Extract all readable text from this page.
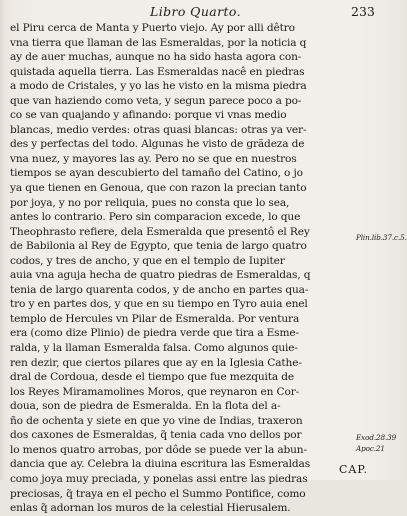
Libro Quarto.	233
el Piru cerca de Manta y Puerto viejo. Ay por alli dêtro
vna tierra que llaman de las Esmeraldas, por la noticia q
ay de auer muchas, aunque no ha sido hasta agora con-
quistada aquella tierra. Las Esmeraldas nacê en piedras
a modo de Cristales, y yo las he visto en la misma piedra
que van haziendo como veta, y segun parece poco a po-
co se van quajando y afinando: porque vi vnas medio
blancas, medio verdes: otras quasi blancas: otras ya ver-
des y perfectas del todo. Algunas he visto de grãdeza de
vna nuez, y mayores las ay. Pero no se que en nuestros
tiempos se ayan descubierto del tamaño del Catino, o jo
ya que tienen en Genoua, que con razon la precian tanto
por joya, y no por reliquia, pues no consta que lo sea,
antes lo contrario. Pero sin comparacion excede, lo que
Theophrasto refiere, dela Esmeralda que presentô el Rey
de Babilonia al Rey de Egypto, que tenia de largo quatro
codos, y tres de ancho, y que en el templo de Iupiter
auia vna aguja hecha de quatro piedras de Esmeraldas, q
tenia de largo quarenta codos, y de ancho en partes qua-
tro y en partes dos, y que en su tiempo en Tyro auia enel
templo de Hercules vn Pilar de Esmeralda. Por ventura
era (como dize Plinio) de piedra verde que tira a Esme-
ralda, y la llaman Esmeralda falsa. Como algunos quie-
ren dezir, que ciertos pilares que ay en la Iglesia Cathe-
dral de Cordoua, desde el tiempo que fue mezquita de
los Reyes Miramamolines Moros, que reynaron en Cor-
doua, son de piedra de Esmeralda. En la flota del a-
ño de ochenta y siete en que yo vine de Indias, traxeron
dos caxones de Esmeraldas, q̃ tenia cada vno dellos por
lo menos quatro arrobas, por dôde se puede ver la abun-
dancia que ay. Celebra la diuina escritura las Esmeraldas
como joya muy preciada, y ponelas assi entre las piedras
preciosas, q̃ traya en el pecho el Summo Pontifice, como
enlas q̃ adornan los muros de la celestial Hierusalem.
Plin.lib.37.c.5.
Exod.28.39
Apoc.21
CAP.
